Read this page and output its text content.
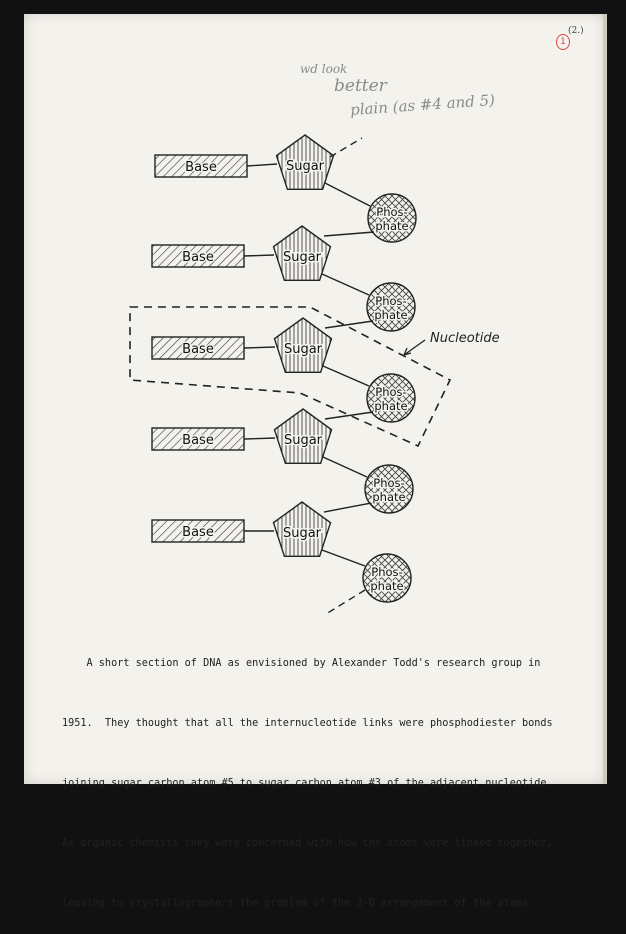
(2.)
1
wd look
better
plain (as #4 and 5)
Base	Sugar
Phos-
phate
Base	Sugar
Phos-
phate
Base	Sugar
Phos-
phate
Base	Sugar
Phos-
phate
Base	Sugar
Phos-
phate
Nucleotide

A short section of DNA as envisioned by Alexander Todd's research group in

1951.  They thought that all the internucleotide links were phosphodiester bonds

joining sugar carbon atom #5 to sugar carbon atom #3 of the adjacent nucleotide.

As organic chemists they were concerned with how the atoms were linked together,

leaving to crystallographers the problem of the 3-D arrangement of the atoms.
